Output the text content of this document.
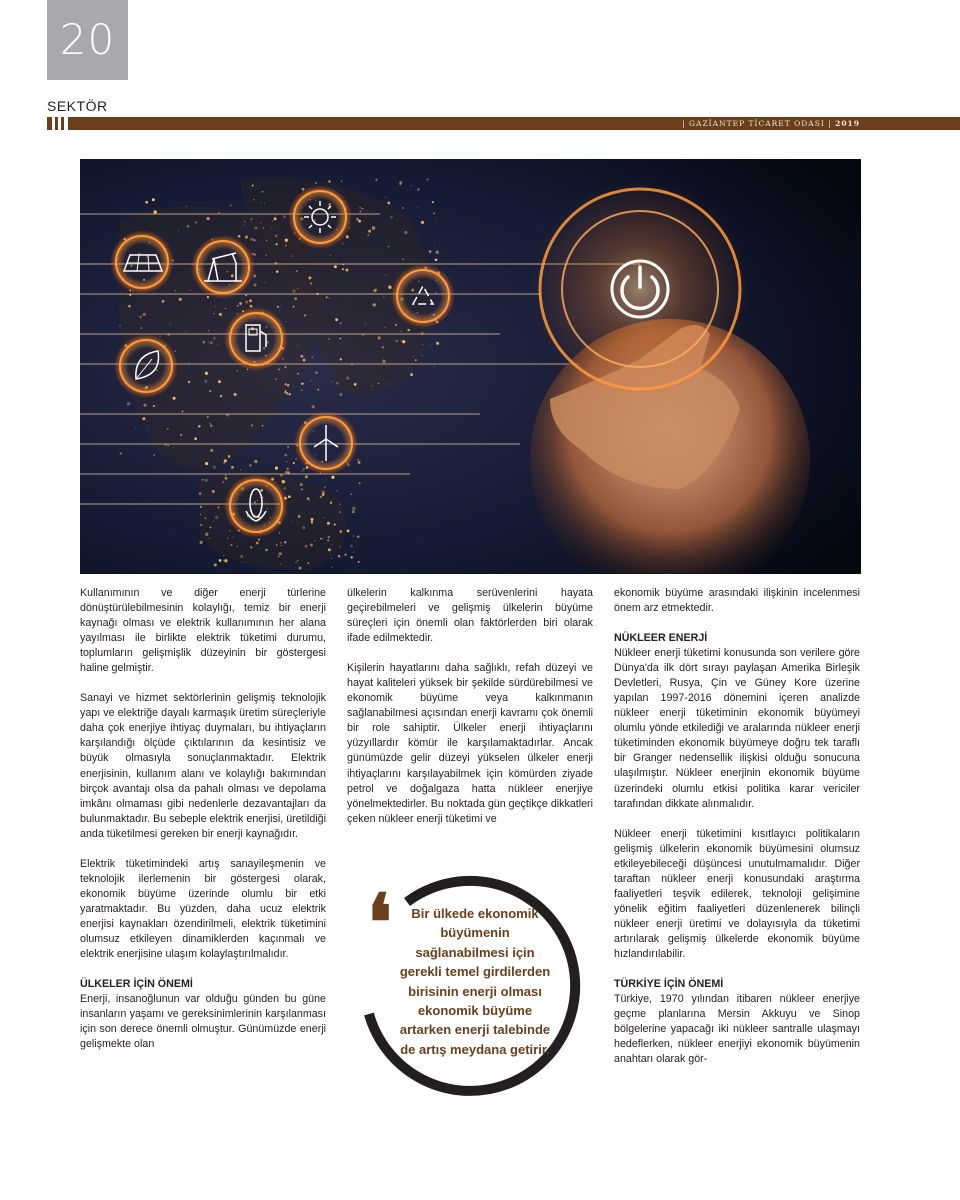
20
SEKTÖR
| GAZİANTEP TİCARET ODASI | 2019

Kullanımının ve diğer enerji türlerine dönüştürülebilmesinin kolaylığı, temiz bir enerji kaynağı olması ve elektrik kullanımının her alana yayılması ile birlikte elektrik tüketimi durumu, toplumların gelişmişlik düzeyinin bir göstergesi haline gelmiştir.

Sanayi ve hizmet sektörlerinin gelişmiş teknolojik yapı ve elektriğe dayalı karmaşık üretim süreçleriyle daha çok enerjiye ihtiyaç duymaları, bu ihtiyaçların karşılandığı ölçüde çıktılarının da kesintisiz ve büyük olmasıyla sonuçlanmaktadır. Elektrik enerjisinin, kullanım alanı ve kolaylığı bakımından birçok avantajı olsa da pahalı olması ve depolama imkânı olmaması gibi nedenlerle dezavantajları da bulunmaktadır. Bu sebeple elektrik enerjisi, üretildiği anda tüketilmesi gereken bir enerji kaynağıdır.

Elektrik tüketimindeki artış sanayileşmenin ve teknolojik ilerlemenin bir göstergesi olarak, ekonomik büyüme üzerinde olumlu bir etki yaratmaktadır. Bu yüzden, daha ucuz elektrik enerjisi kaynakları özendirilmeli, elektrik tüketimini olumsuz etkileyen dinamiklerden kaçınmalı ve elektrik enerjisine ulaşım kolaylaştırılmalıdır.

ÜLKELER İÇİN ÖNEMİ

Enerji, insanoğlunun var olduğu günden bu güne insanların yaşamı ve gereksinimlerinin karşılanması için son derece önemli olmuştur. Günümüzde enerji gelişmekte olan

ülkelerin kalkınma serüvenlerini hayata geçirebilmeleri ve gelişmiş ülkelerin büyüme süreçleri için önemli olan faktörlerden biri olarak ifade edilmektedir.

Kişilerin hayatlarını daha sağlıklı, refah düzeyi ve hayat kaliteleri yüksek bir şekilde sürdürebilmesi ve ekonomik büyüme veya kalkınmanın sağlanabilmesi açısından enerji kavramı çok önemli bir role sahiptir. Ülkeler enerji ihtiyaçlarını yüzyıllardır kömür ile karşılamaktadırlar. Ancak günümüzde gelir düzeyi yükselen ülkeler enerji ihtiyaçlarını karşılayabilmek için kömürden ziyade petrol ve doğalgaza hatta nükleer enerjiye yönelmektedirler. Bu noktada gün geçtikçe dikkatleri çeken nükleer enerji tüketimi ve

❛	Bir ülkede ekonomik büyümenin sağlanabilmesi için gerekli temel girdilerden birisinin enerji olması ekonomik büyüme artarken enerji talebinde de artış meydana getirir.

ekonomik büyüme arasındaki ilişkinin incelenmesi önem arz etmektedir.

NÜKLEER ENERJİ

Nükleer enerji tüketimi konusunda son verilere göre Dünya'da ilk dört sırayı paylaşan Amerika Birleşik Devletleri, Rusya, Çin ve Güney Kore üzerine yapılan 1997-2016 dönemini içeren analizde nükleer enerji tüketiminin ekonomik büyümeyi olumlu yönde etkilediği ve aralarında nükleer enerji tüketiminden ekonomik büyümeye doğru tek taraflı bir Granger nedensellik ilişkisi olduğu sonucuna ulaşılmıştır. Nükleer enerjinin ekonomik büyüme üzerindeki olumlu etkisi politika karar vericiler tarafından dikkate alınmalıdır.

Nükleer enerji tüketimini kısıtlayıcı politikaların gelişmiş ülkelerin ekonomik büyümesini olumsuz etkileyebileceği düşüncesi unutulmamalıdır. Diğer taraftan nükleer enerji konusundaki araştırma faaliyetleri teşvik edilerek, teknoloji gelişimine yönelik eğitim faaliyetleri düzenlenerek bilinçli nükleer enerji üretimi ve dolayısıyla da tüketimi artırılarak gelişmiş ülkelerde ekonomik büyüme hızlandırılabilir.

TÜRKİYE İÇİN ÖNEMİ

Türkiye, 1970 yılından itibaren nükleer enerjiye geçme planlarına Mersin Akkuyu ve Sinop bölgelerine yapacağı iki nükleer santralle ulaşmayı hedeflerken, nükleer enerjiyi ekonomik büyümenin anahtarı olarak gör-
